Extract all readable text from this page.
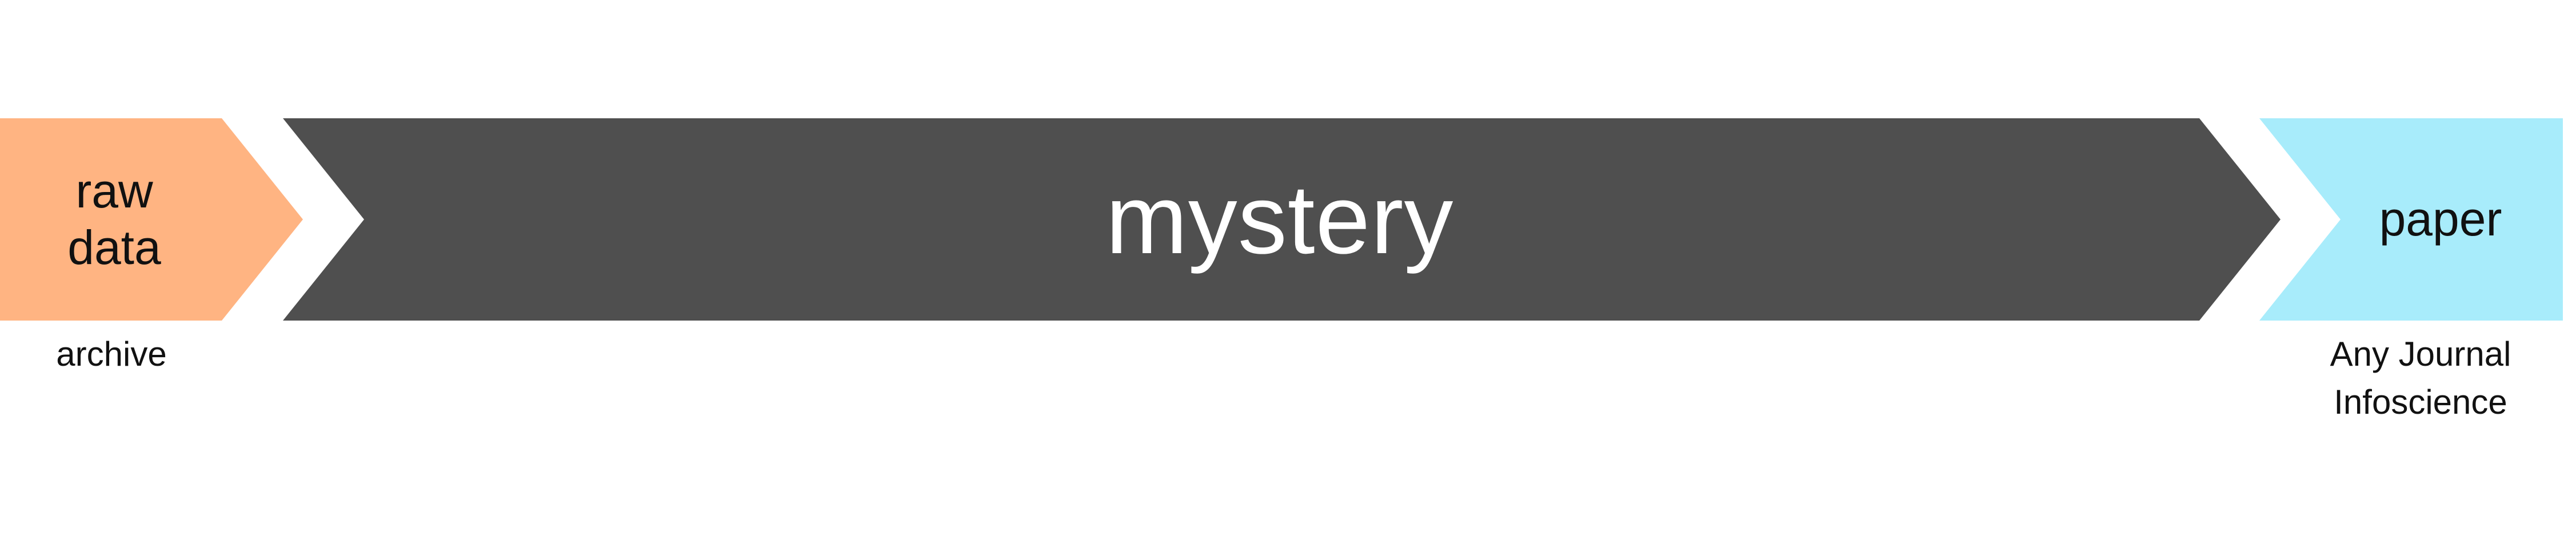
raw
data	mystery	paper
archive	Any Journal
Infoscience
